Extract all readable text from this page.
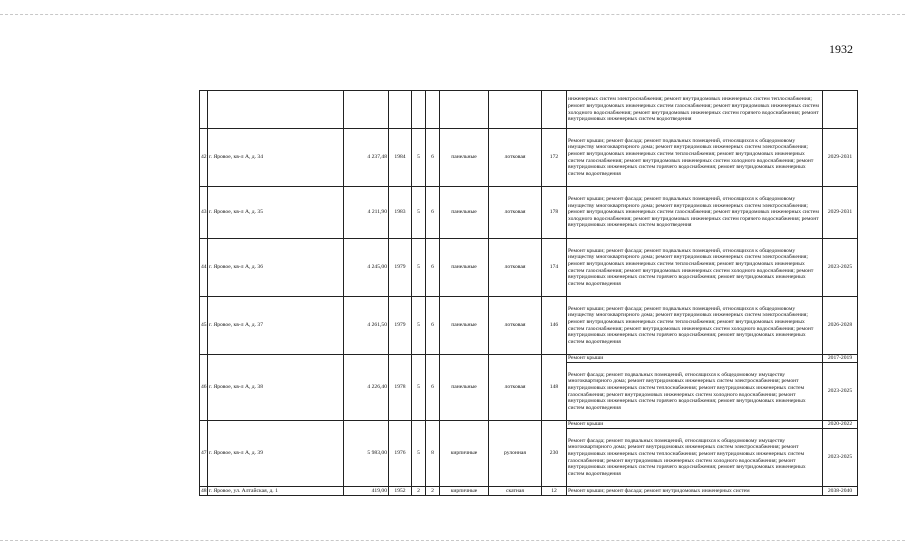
1932
									инженерных систем электроснабжения; ремонт внутридомовых инженерных систем теплоснабжения; ремонт внутридомовых инженерных систем газоснабжения; ремонт внутридомовых инженерных систем холодного водоснабжения; ремонт внутридомовых инженерных систем горячего водоснабжения; ремонт внутридомовых инженерных систем водоотведения	
42	г. Яровое, кв-л А, д. 34	4 237,48	1984	5	6	панельные	лотковая	172	Ремонт крыши; ремонт фасада; ремонт подвальных помещений, относящихся к общедомовому имуществу многоквартирного дома; ремонт внутридомовых инженерных систем электроснабжения; ремонт внутридомовых инженерных систем теплоснабжения; ремонт внутридомовых инженерных систем газоснабжения; ремонт внутридомовых инженерных систем холодного водоснабжения; ремонт внутридомовых инженерных систем горячего водоснабжения; ремонт внутридомовых инженерных систем водоотведения	2029-2031
43	г. Яровое, кв-л А, д. 35	4 211,90	1983	5	6	панельные	лотковая	178	Ремонт крыши; ремонт фасада; ремонт подвальных помещений, относящихся к общедомовому имуществу многоквартирного дома; ремонт внутридомовых инженерных систем электроснабжения; ремонт внутридомовых инженерных систем газоснабжения; ремонт внутридомовых инженерных систем холодного водоснабжения; ремонт внутридомовых инженерных систем горячего водоснабжения; ремонт внутридомовых инженерных систем водоотведения	2029-2031
44	г. Яровое, кв-л А, д. 36	4 245,00	1979	5	6	панельные	лотковая	174	Ремонт крыши; ремонт фасада; ремонт подвальных помещений, относящихся к общедомовому имуществу многоквартирного дома; ремонт внутридомовых инженерных систем электроснабжения; ремонт внутридомовых инженерных систем теплоснабжения; ремонт внутридомовых инженерных систем газоснабжения; ремонт внутридомовых инженерных систем холодного водоснабжения; ремонт внутридомовых инженерных систем горячего водоснабжения; ремонт внутридомовых инженерных систем водоотведения	2023-2025
45	г. Яровое, кв-л А, д. 37	4 261,50	1979	5	6	панельные	лотковая	146	Ремонт крыши; ремонт фасада; ремонт подвальных помещений, относящихся к общедомовому имуществу многоквартирного дома; ремонт внутридомовых инженерных систем электроснабжения; ремонт внутридомовых инженерных систем теплоснабжения; ремонт внутридомовых инженерных систем газоснабжения; ремонт внутридомовых инженерных систем холодного водоснабжения; ремонт внутридомовых инженерных систем горячего водоснабжения; ремонт внутридомовых инженерных систем водоотведения	2026-2028
46	г. Яровое, кв-л А, д. 38	4 226,40	1978	5	6	панельные	лотковая	148	Ремонт крыши	2017-2019
									Ремонт фасада; ремонт подвальных помещений, относящихся к общедомовому имуществу многоквартирного дома; ремонт внутридомовых инженерных систем электроснабжения; ремонт внутридомовых инженерных систем теплоснабжения; ремонт внутридомовых инженерных систем газоснабжения; ремонт внутридомовых инженерных систем холодного водоснабжения; ремонт внутридомовых инженерных систем горячего водоснабжения; ремонт внутридомовых инженерных систем водоотведения	2023-2025
47	г. Яровое, кв-л А, д. 39	5 983,00	1976	5	8	кирпичные	рулонная	230	Ремонт крыши	2020-2022
									Ремонт фасада; ремонт подвальных помещений, относящихся к общедомовому имуществу многоквартирного дома; ремонт внутридомовых инженерных систем электроснабжения; ремонт внутридомовых инженерных систем теплоснабжения; ремонт внутридомовых инженерных систем газоснабжения; ремонт внутридомовых инженерных систем холодного водоснабжения; ремонт внутридомовых инженерных систем горячего водоснабжения; ремонт внутридомовых инженерных систем водоотведения	2023-2025
48	г. Яровое, ул. Алтайская, д. 1	419,00	1952	2	2	кирпичные	скатная	12	Ремонт крыши; ремонт фасада; ремонт внутридомовых инженерных систем	2038-2040
